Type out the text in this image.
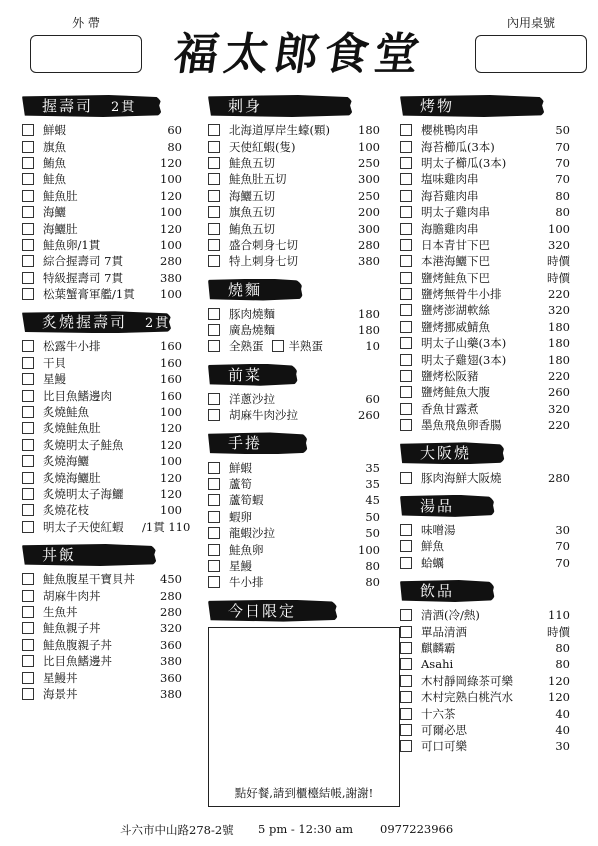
外 帶
福太郎食堂
內用桌號
握壽司 2貫
鮮蝦	60
旗魚	80
鮪魚	120
鮭魚	100
鮭魚肚	120
海鱺	100
海鱺肚	120
鮭魚卵/1貫	100
綜合握壽司 7貫	280
特級握壽司 7貫	380
松葉蟹膏軍艦/1貫	100
炙燒握壽司 2貫
松露牛小排	160
干貝	160
星鰻	160
比目魚鰭邊肉	160
炙燒鮭魚	100
炙燒鮭魚肚	120
炙燒明太子鮭魚	120
炙燒海鱺	100
炙燒海鱺肚	120
炙燒明太子海鱺	120
炙燒花枝	100
明太子天使紅蝦	/1貫 110
丼飯
鮭魚腹星干寶貝丼	450
胡麻牛肉丼	280
生魚丼	280
鮭魚親子丼	320
鮭魚腹親子丼	360
比目魚鰭邊丼	380
星鰻丼	360
海景丼	380
刺身
北海道厚岸生蠔(顆)	180
天使紅蝦(隻)	100
鮭魚五切	250
鮭魚肚五切	300
海鱺五切	250
旗魚五切	200
鮪魚五切	300
盛合刺身七切	280
特上刺身七切	380
燒麵
豚肉燒麵	180
廣島燒麵	180
全熟蛋 半熟蛋	10
前菜
洋蔥沙拉	60
胡麻牛肉沙拉	260
手捲
鮮蝦	35
蘆筍	35
蘆筍蝦	45
蝦卵	50
龍蝦沙拉	50
鮭魚卵	100
星鰻	80
牛小排	80
今日限定
點好餐,請到櫃檯結帳,謝謝!
烤物
櫻桃鴨肉串	50
海苔櫛瓜(3本)	70
明太子櫛瓜(3本)	70
塩味雞肉串	70
海苔雞肉串	80
明太子雞肉串	80
海膽雞肉串	100
日本青甘下巴	320
本港海鱺下巴	時價
鹽烤鮭魚下巴	時價
鹽烤無骨牛小排	220
鹽烤澎湖軟絲	320
鹽烤挪威鯖魚	180
明太子山藥(3本)	180
明太子雞翅(3本)	180
鹽烤松阪豬	220
鹽烤鮭魚大腹	260
香魚甘露煮	320
墨魚飛魚卵香腸	220
大阪燒
豚肉海鮮大阪燒	280
湯品
味噌湯	30
鮮魚	70
蛤蠣	70
飲品
清酒(冷/熱)	110
單品清酒	時價
麒麟霸	80
Asahi	80
木村靜岡綠茶可樂	120
木村完熟白桃汽水	120
十六茶	40
可爾必思	40
可口可樂	30
斗六市中山路278-2號 5 pm - 12:30 am 0977223966
